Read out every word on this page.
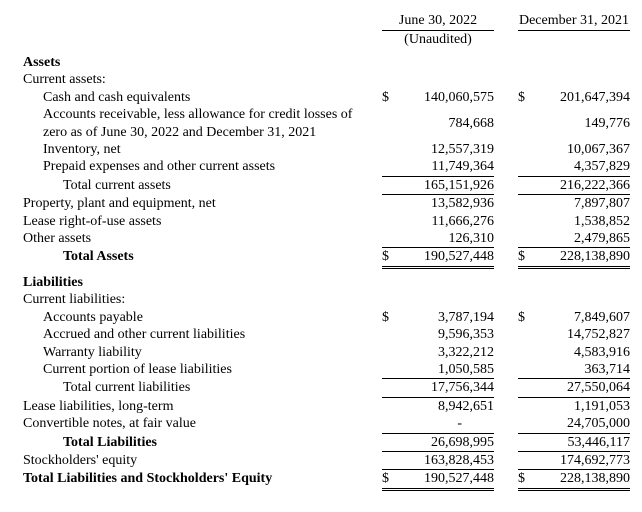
June 30, 2022	December 31, 2021
(Unaudited)
Assets
Current assets:
Cash and cash equivalents	$	140,060,575 $	201,647,394
Accounts receivable, less allowance for credit losses of zero as of June 30, 2022 and December 31, 2021
784,668	149,776
Inventory, net	12,557,319	10,067,367
Prepaid expenses and other current assets	11,749,364	4,357,829
Total current assets	165,151,926	216,222,366
Property, plant and equipment, net	13,582,936	7,897,807
Lease right-of-use assets	11,666,276	1,538,852
Other assets	126,310	2,479,865
Total Assets	$	190,527,448 $	228,138,890
Liabilities
Current liabilities:
Accounts payable	$	3,787,194 $	7,849,607
Accrued and other current liabilities	9,596,353	14,752,827
Warranty liability	3,322,212	4,583,916
Current portion of lease liabilities	1,050,585	363,714
Total current liabilities	17,756,344	27,550,064
Lease liabilities, long-term	8,942,651	1,191,053
Convertible notes, at fair value	-	24,705,000
Total Liabilities	26,698,995	53,446,117
Stockholders' equity	163,828,453	174,692,773
Total Liabilities and Stockholders' Equity	$	190,527,448 $	228,138,890
